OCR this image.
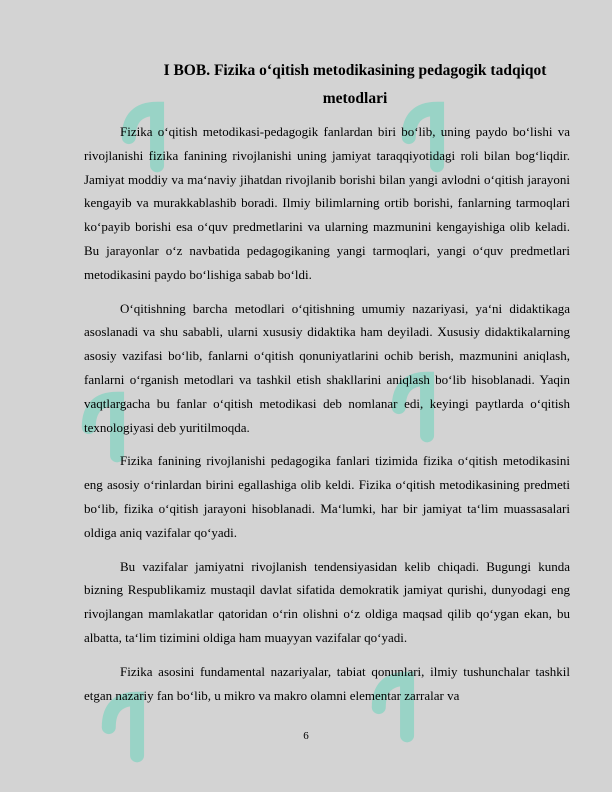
I BOB. Fizika o‘qitish metodikasining pedagogik tadqiqot
metodlari

Fizika o‘qitish metodikasi-pedagogik fanlardan biri bo‘lib, uning paydo bo‘lishi va rivojlanishi fizika fanining rivojlanishi uning jamiyat taraqqiyotidagi roli bilan bog‘liqdir. Jamiyat moddiy va ma‘naviy jihatdan rivojlanib borishi bilan yangi avlodni o‘qitish jarayoni kengayib va murakkablashib boradi. Ilmiy bilimlarning ortib borishi, fanlarning tarmoqlari ko‘payib borishi esa o‘quv predmetlarini va ularning mazmunini kengayishiga olib keladi. Bu jarayonlar o‘z navbatida pedagogikaning yangi tarmoqlari, yangi o‘quv predmetlari metodikasini paydo bo‘lishiga sabab bo‘ldi.

O‘qitishning barcha metodlari o‘qitishning umumiy nazariyasi, ya‘ni didaktikaga asoslanadi va shu sababli, ularni xususiy didaktika ham deyiladi. Xususiy didaktikalarning asosiy vazifasi bo‘lib, fanlarni o‘qitish qonuniyatlarini ochib berish, mazmunini aniqlash, fanlarni o‘rganish metodlari va tashkil etish shakllarini aniqlash bo‘lib hisoblanadi. Yaqin vaqtlargacha bu fanlar o‘qitish metodikasi deb nomlanar edi, keyingi paytlarda o‘qitish texnologiyasi deb yuritilmoqda.

Fizika fanining rivojlanishi pedagogika fanlari tizimida fizika o‘qitish metodikasini eng asosiy o‘rinlardan birini egallashiga olib keldi. Fizika o‘qitish metodikasining predmeti bo‘lib, fizika o‘qitish jarayoni hisoblanadi. Ma‘lumki, har bir jamiyat ta‘lim muassasalari oldiga aniq vazifalar qo‘yadi.

Bu vazifalar jamiyatni rivojlanish tendensiyasidan kelib chiqadi. Bugungi kunda bizning Respublikamiz mustaqil davlat sifatida demokratik jamiyat qurishi, dunyodagi eng rivojlangan mamlakatlar qatoridan o‘rin olishni o‘z oldiga maqsad qilib qo‘ygan ekan, bu albatta, ta‘lim tizimini oldiga ham muayyan vazifalar qo‘yadi.

Fizika asosini fundamental nazariyalar, tabiat qonunlari, ilmiy tushunchalar tashkil etgan nazariy fan bo‘lib, u mikro va makro olamni elementar zarralar va

6
